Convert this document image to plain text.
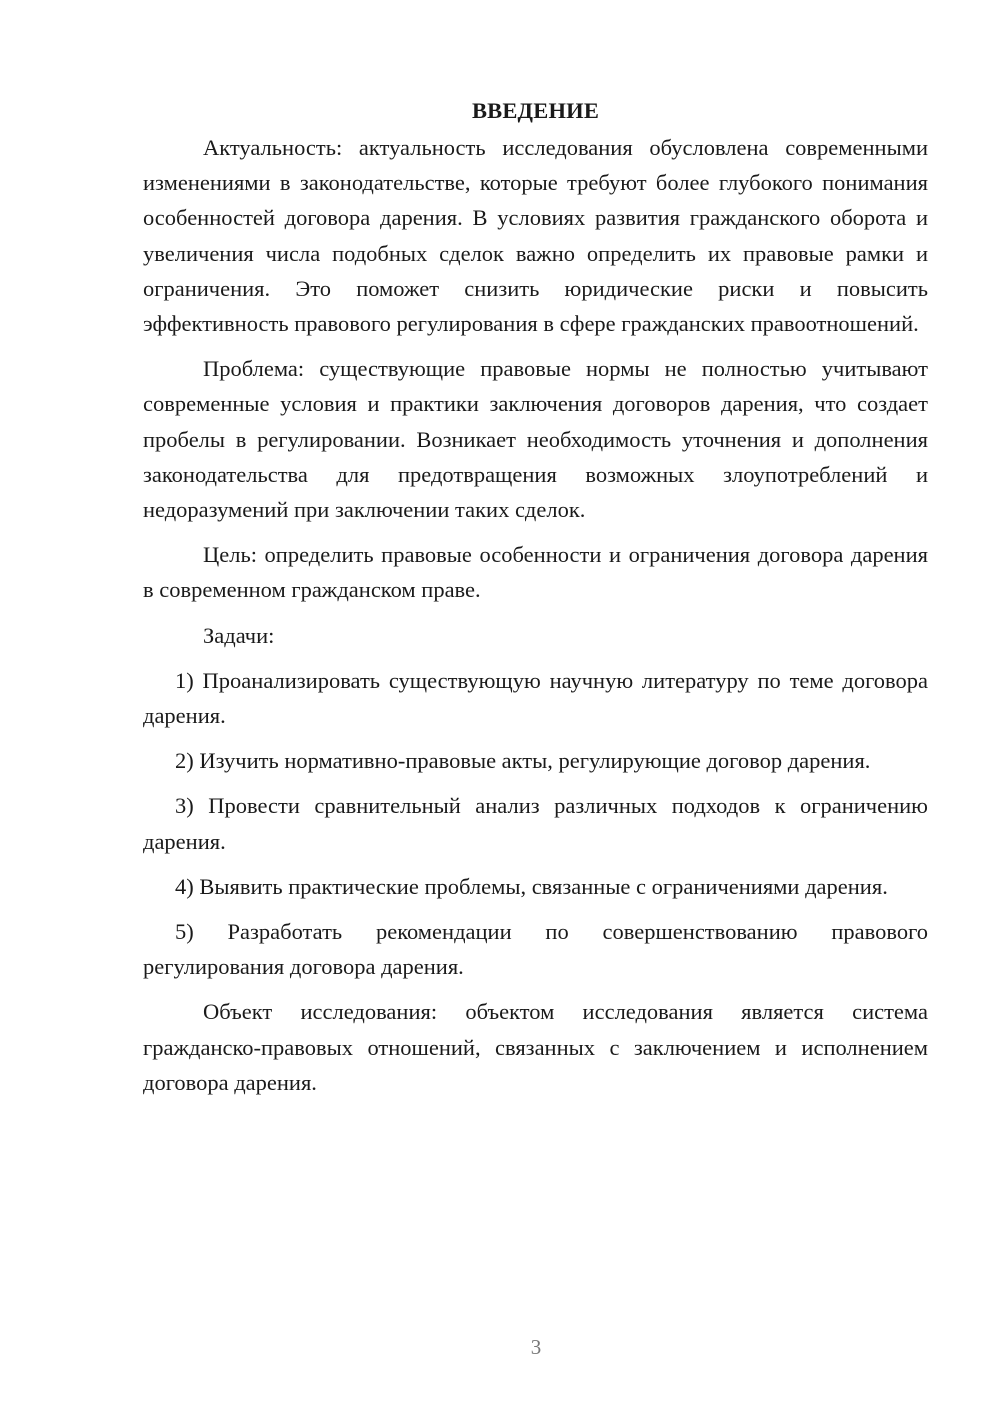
ВВЕДЕНИЕ

Актуальность: актуальность исследования обусловлена современными изменениями в законодательстве, которые требуют более глубокого понимания особенностей договора дарения. В условиях развития гражданского оборота и увеличения числа подобных сделок важно определить их правовые рамки и ограничения. Это поможет снизить юридические риски и повысить эффективность правового регулирования в сфере гражданских правоотношений.

Проблема: существующие правовые нормы не полностью учитывают современные условия и практики заключения договоров дарения, что создает пробелы в регулировании. Возникает необходимость уточнения и дополнения законодательства для предотвращения возможных злоупотреблений и недоразумений при заключении таких сделок.

Цель: определить правовые особенности и ограничения договора дарения в современном гражданском праве.

Задачи:

1) Проанализировать существующую научную литературу по теме договора дарения.

2) Изучить нормативно-правовые акты, регулирующие договор дарения.

3) Провести сравнительный анализ различных подходов к ограничению дарения.

4) Выявить практические проблемы, связанные с ограничениями дарения.

5) Разработать рекомендации по совершенствованию правового регулирования договора дарения.

Объект исследования: объектом исследования является система гражданско-правовых отношений, связанных с заключением и исполнением договора дарения.

3
